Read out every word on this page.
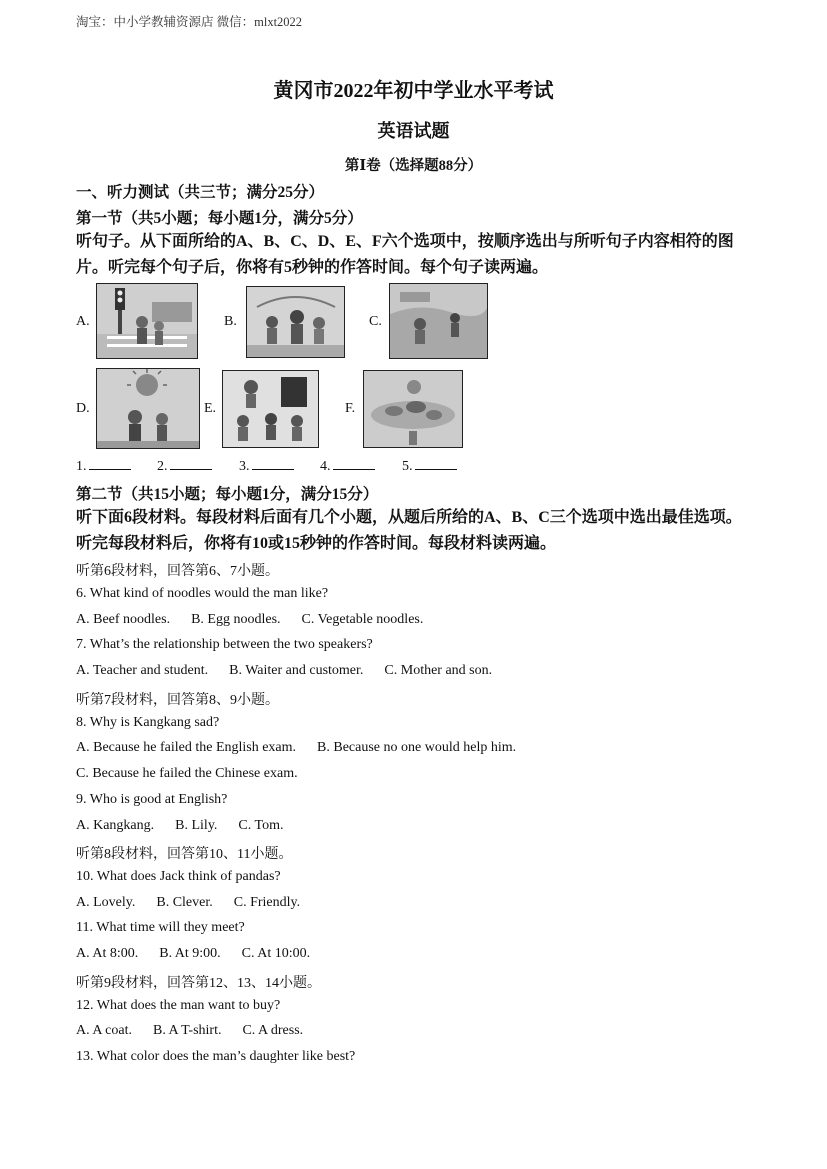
淘宝：中小学教辅资源店 微信：mlxt2022
黄冈市2022年初中学业水平考试
英语试题
第Ⅰ卷（选择题88分）
一、听力测试（共三节；满分25分）
第一节（共5小题；每小题1分，满分5分）
听句子。从下面所给的A、B、C、D、E、F六个选项中，按顺序选出与所听句子内容相符的图片。听完每个句子后，你将有5秒钟的作答时间。每个句子读两遍。
A.	B.	C.
D.	E.	F.
1.	2.	3.	4.	5.
第二节（共15小题；每小题1分，满分15分）
听下面6段材料。每段材料后面有几个小题，从题后所给的A、B、C三个选项中选出最佳选项。听完每段材料后，你将有10或15秒钟的作答时间。每段材料读两遍。
听第6段材料，回答第6、7小题。
6. What kind of noodles would the man like?
A. Beef noodles.      B. Egg noodles.      C. Vegetable noodles.
7. What’s the relationship between the two speakers?
A. Teacher and student.      B. Waiter and customer.      C. Mother and son.
听第7段材料，回答第8、9小题。
8. Why is Kangkang sad?
A. Because he failed the English exam.      B. Because no one would help him.
C. Because he failed the Chinese exam.
9. Who is good at English?
A. Kangkang.      B. Lily.      C. Tom.
听第8段材料，回答第10、11小题。
10. What does Jack think of pandas?
A. Lovely.      B. Clever.      C. Friendly.
11. What time will they meet?
A. At 8:00.      B. At 9:00.      C. At 10:00.
听第9段材料，回答第12、13、14小题。
12. What does the man want to buy?
A. A coat.      B. A T-shirt.      C. A dress.
13. What color does the man’s daughter like best?
